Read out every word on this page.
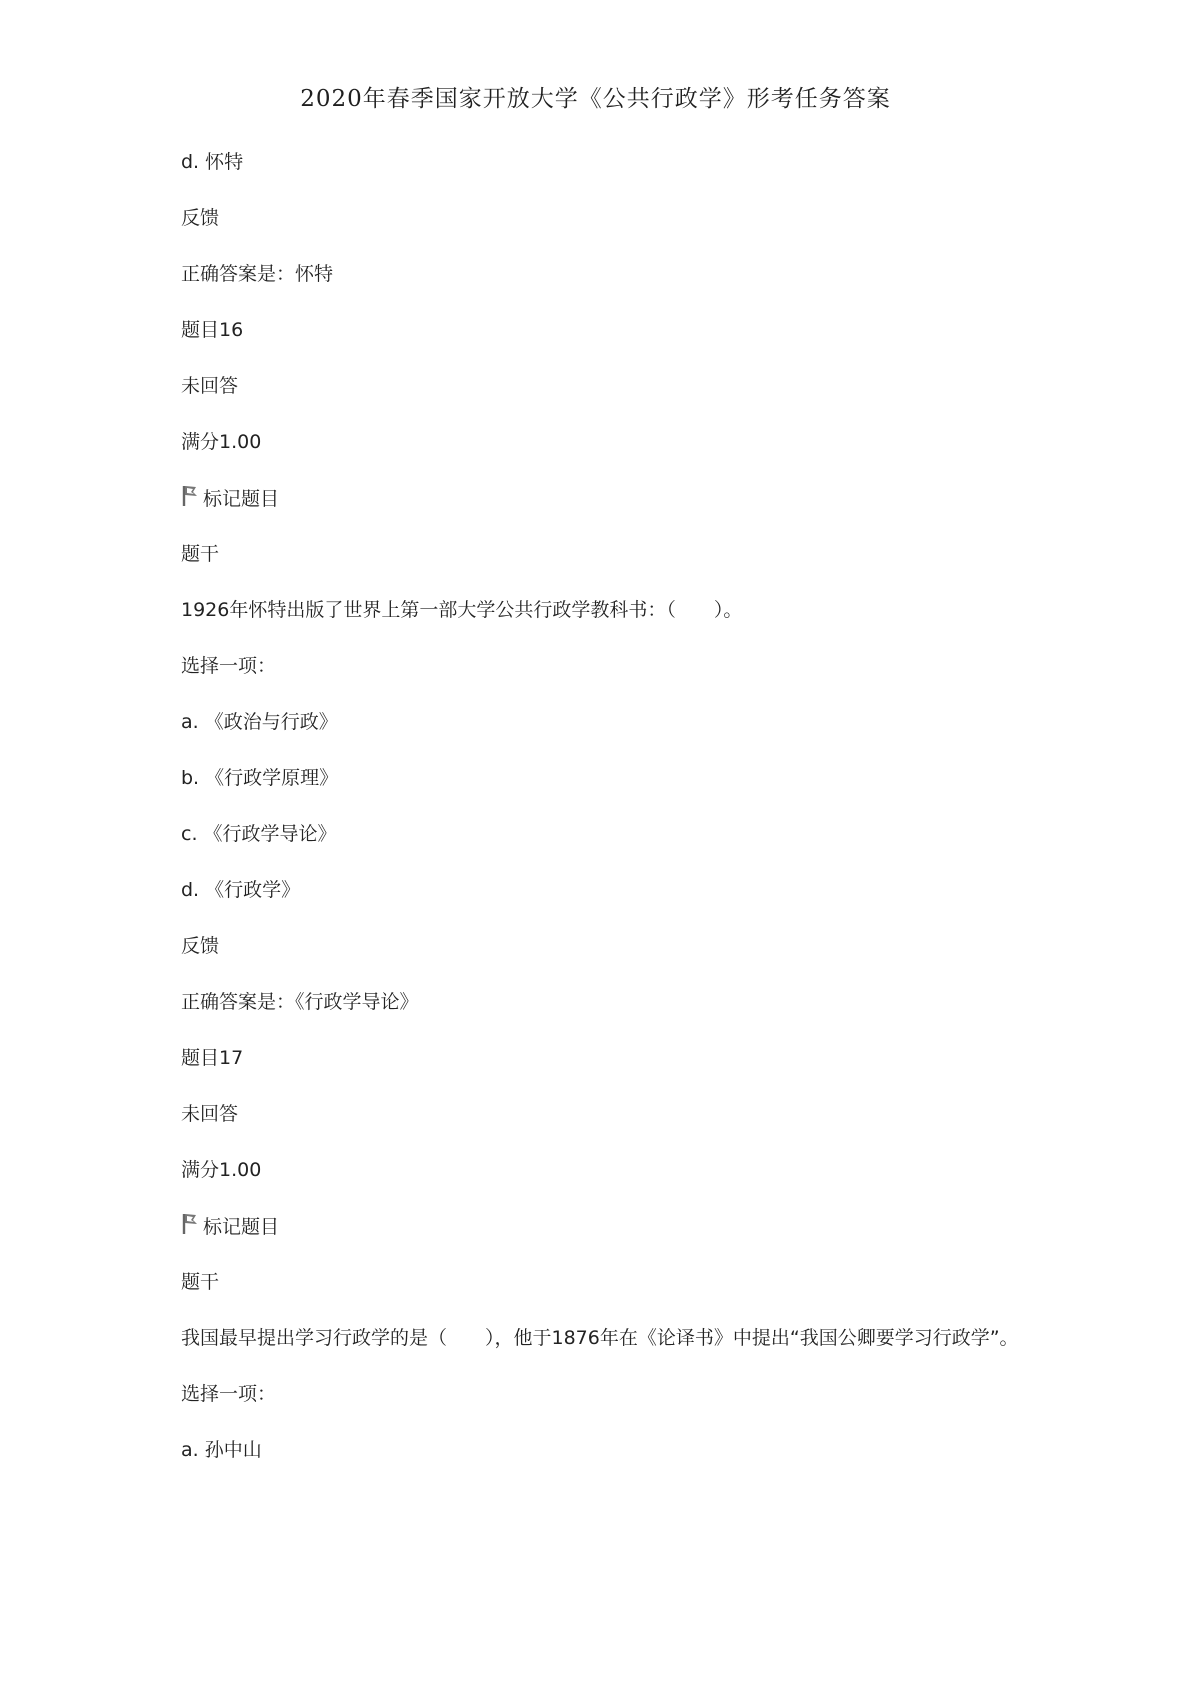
2020年春季国家开放大学《公共行政学》形考任务答案
d. 怀特
反馈
正确答案是：怀特
题目16
未回答
满分1.00
标记题目
题干
1926年怀特出版了世界上第一部大学公共行政学教科书：（　　）。
选择一项：
a. 《政治与行政》
b. 《行政学原理》
c. 《行政学导论》
d. 《行政学》
反馈
正确答案是：《行政学导论》
题目17
未回答
满分1.00
标记题目
题干
我国最早提出学习行政学的是（　　），他于1876年在《论译书》中提出“我国公卿要学习行政学”。
选择一项：
a. 孙中山
